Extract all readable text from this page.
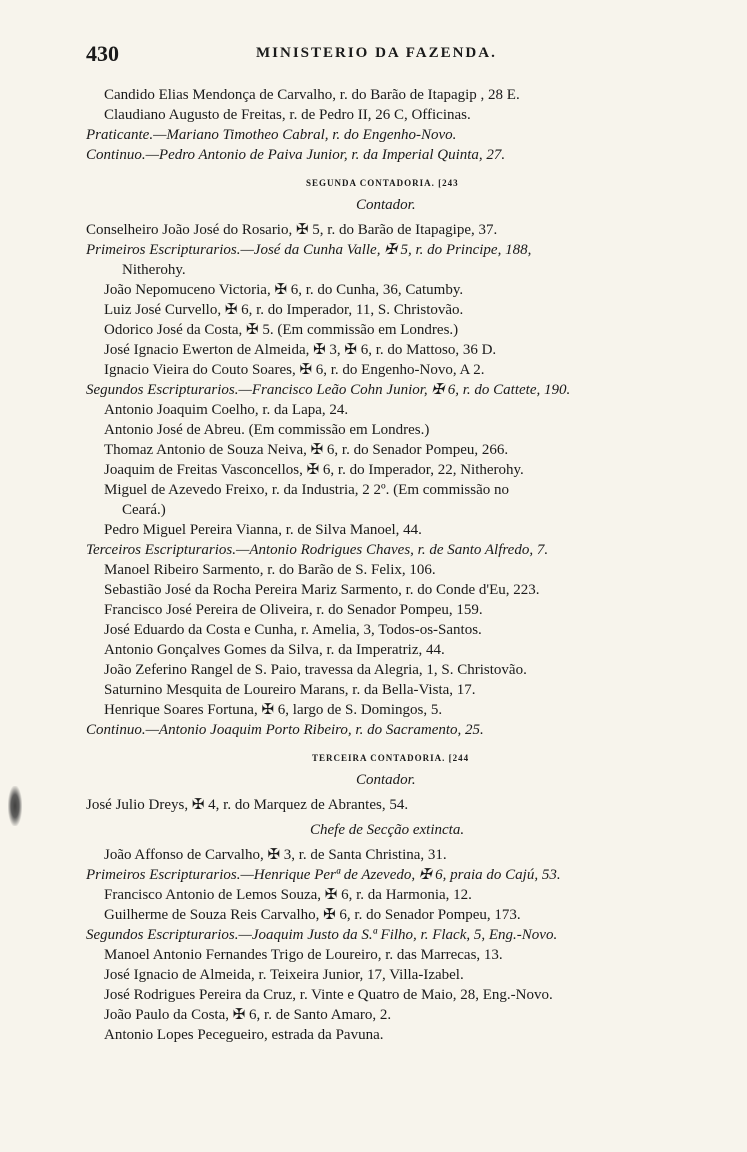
430	MINISTERIO DA FAZENDA.
Candido Elias Mendonça de Carvalho, r. do Barão de Itapagip , 28 E.
Claudiano Augusto de Freitas, r. de Pedro II, 26 C, Officinas.
Praticante.—Mariano Timotheo Cabral, r. do Engenho-Novo.
Continuo.—Pedro Antonio de Paiva Junior, r. da Imperial Quinta, 27.
SEGUNDA CONTADORIA. [243
Contador.
Conselheiro João José do Rosario, ✠ 5, r. do Barão de Itapagipe, 37.
Primeiros Escripturarios.—José da Cunha Valle, ✠ 5, r. do Principe, 188,
Nitherohy.
João Nepomuceno Victoria, ✠ 6, r. do Cunha, 36, Catumby.
Luiz José Curvello, ✠ 6, r. do Imperador, 11, S. Christovão.
Odorico José da Costa, ✠ 5. (Em commissão em Londres.)
José Ignacio Ewerton de Almeida, ✠ 3, ✠ 6, r. do Mattoso, 36 D.
Ignacio Vieira do Couto Soares, ✠ 6, r. do Engenho-Novo, A 2.
Segundos Escripturarios.—Francisco Leão Cohn Junior, ✠ 6, r. do Cattete, 190.
Antonio Joaquim Coelho, r. da Lapa, 24.
Antonio José de Abreu. (Em commissão em Londres.)
Thomaz Antonio de Souza Neiva, ✠ 6, r. do Senador Pompeu, 266.
Joaquim de Freitas Vasconcellos, ✠ 6, r. do Imperador, 22, Nitherohy.
Miguel de Azevedo Freixo, r. da Industria, 2 2º. (Em commissão no
Ceará.)
Pedro Miguel Pereira Vianna, r. de Silva Manoel, 44.
Terceiros Escripturarios.—Antonio Rodrigues Chaves, r. de Santo Alfredo, 7.
Manoel Ribeiro Sarmento, r. do Barão de S. Felix, 106.
Sebastião José da Rocha Pereira Mariz Sarmento, r. do Conde d'Eu, 223.
Francisco José Pereira de Oliveira, r. do Senador Pompeu, 159.
José Eduardo da Costa e Cunha, r. Amelia, 3, Todos-os-Santos.
Antonio Gonçalves Gomes da Silva, r. da Imperatriz, 44.
João Zeferino Rangel de S. Paio, travessa da Alegria, 1, S. Christovão.
Saturnino Mesquita de Loureiro Marans, r. da Bella-Vista, 17.
Henrique Soares Fortuna, ✠ 6, largo de S. Domingos, 5.
Continuo.—Antonio Joaquim Porto Ribeiro, r. do Sacramento, 25.
TERCEIRA CONTADORIA. [244
Contador.
José Julio Dreys, ✠ 4, r. do Marquez de Abrantes, 54.
Chefe de Secção extincta.
João Affonso de Carvalho, ✠ 3, r. de Santa Christina, 31.
Primeiros Escripturarios.—Henrique Perª de Azevedo, ✠ 6, praia do Cajú, 53.
Francisco Antonio de Lemos Souza, ✠ 6, r. da Harmonia, 12.
Guilherme de Souza Reis Carvalho, ✠ 6, r. do Senador Pompeu, 173.
Segundos Escripturarios.—Joaquim Justo da S.ª Filho, r. Flack, 5, Eng.-Novo.
Manoel Antonio Fernandes Trigo de Loureiro, r. das Marrecas, 13.
José Ignacio de Almeida, r. Teixeira Junior, 17, Villa-Izabel.
José Rodrigues Pereira da Cruz, r. Vinte e Quatro de Maio, 28, Eng.-Novo.
João Paulo da Costa, ✠ 6, r. de Santo Amaro, 2.
Antonio Lopes Pecegueiro, estrada da Pavuna.
